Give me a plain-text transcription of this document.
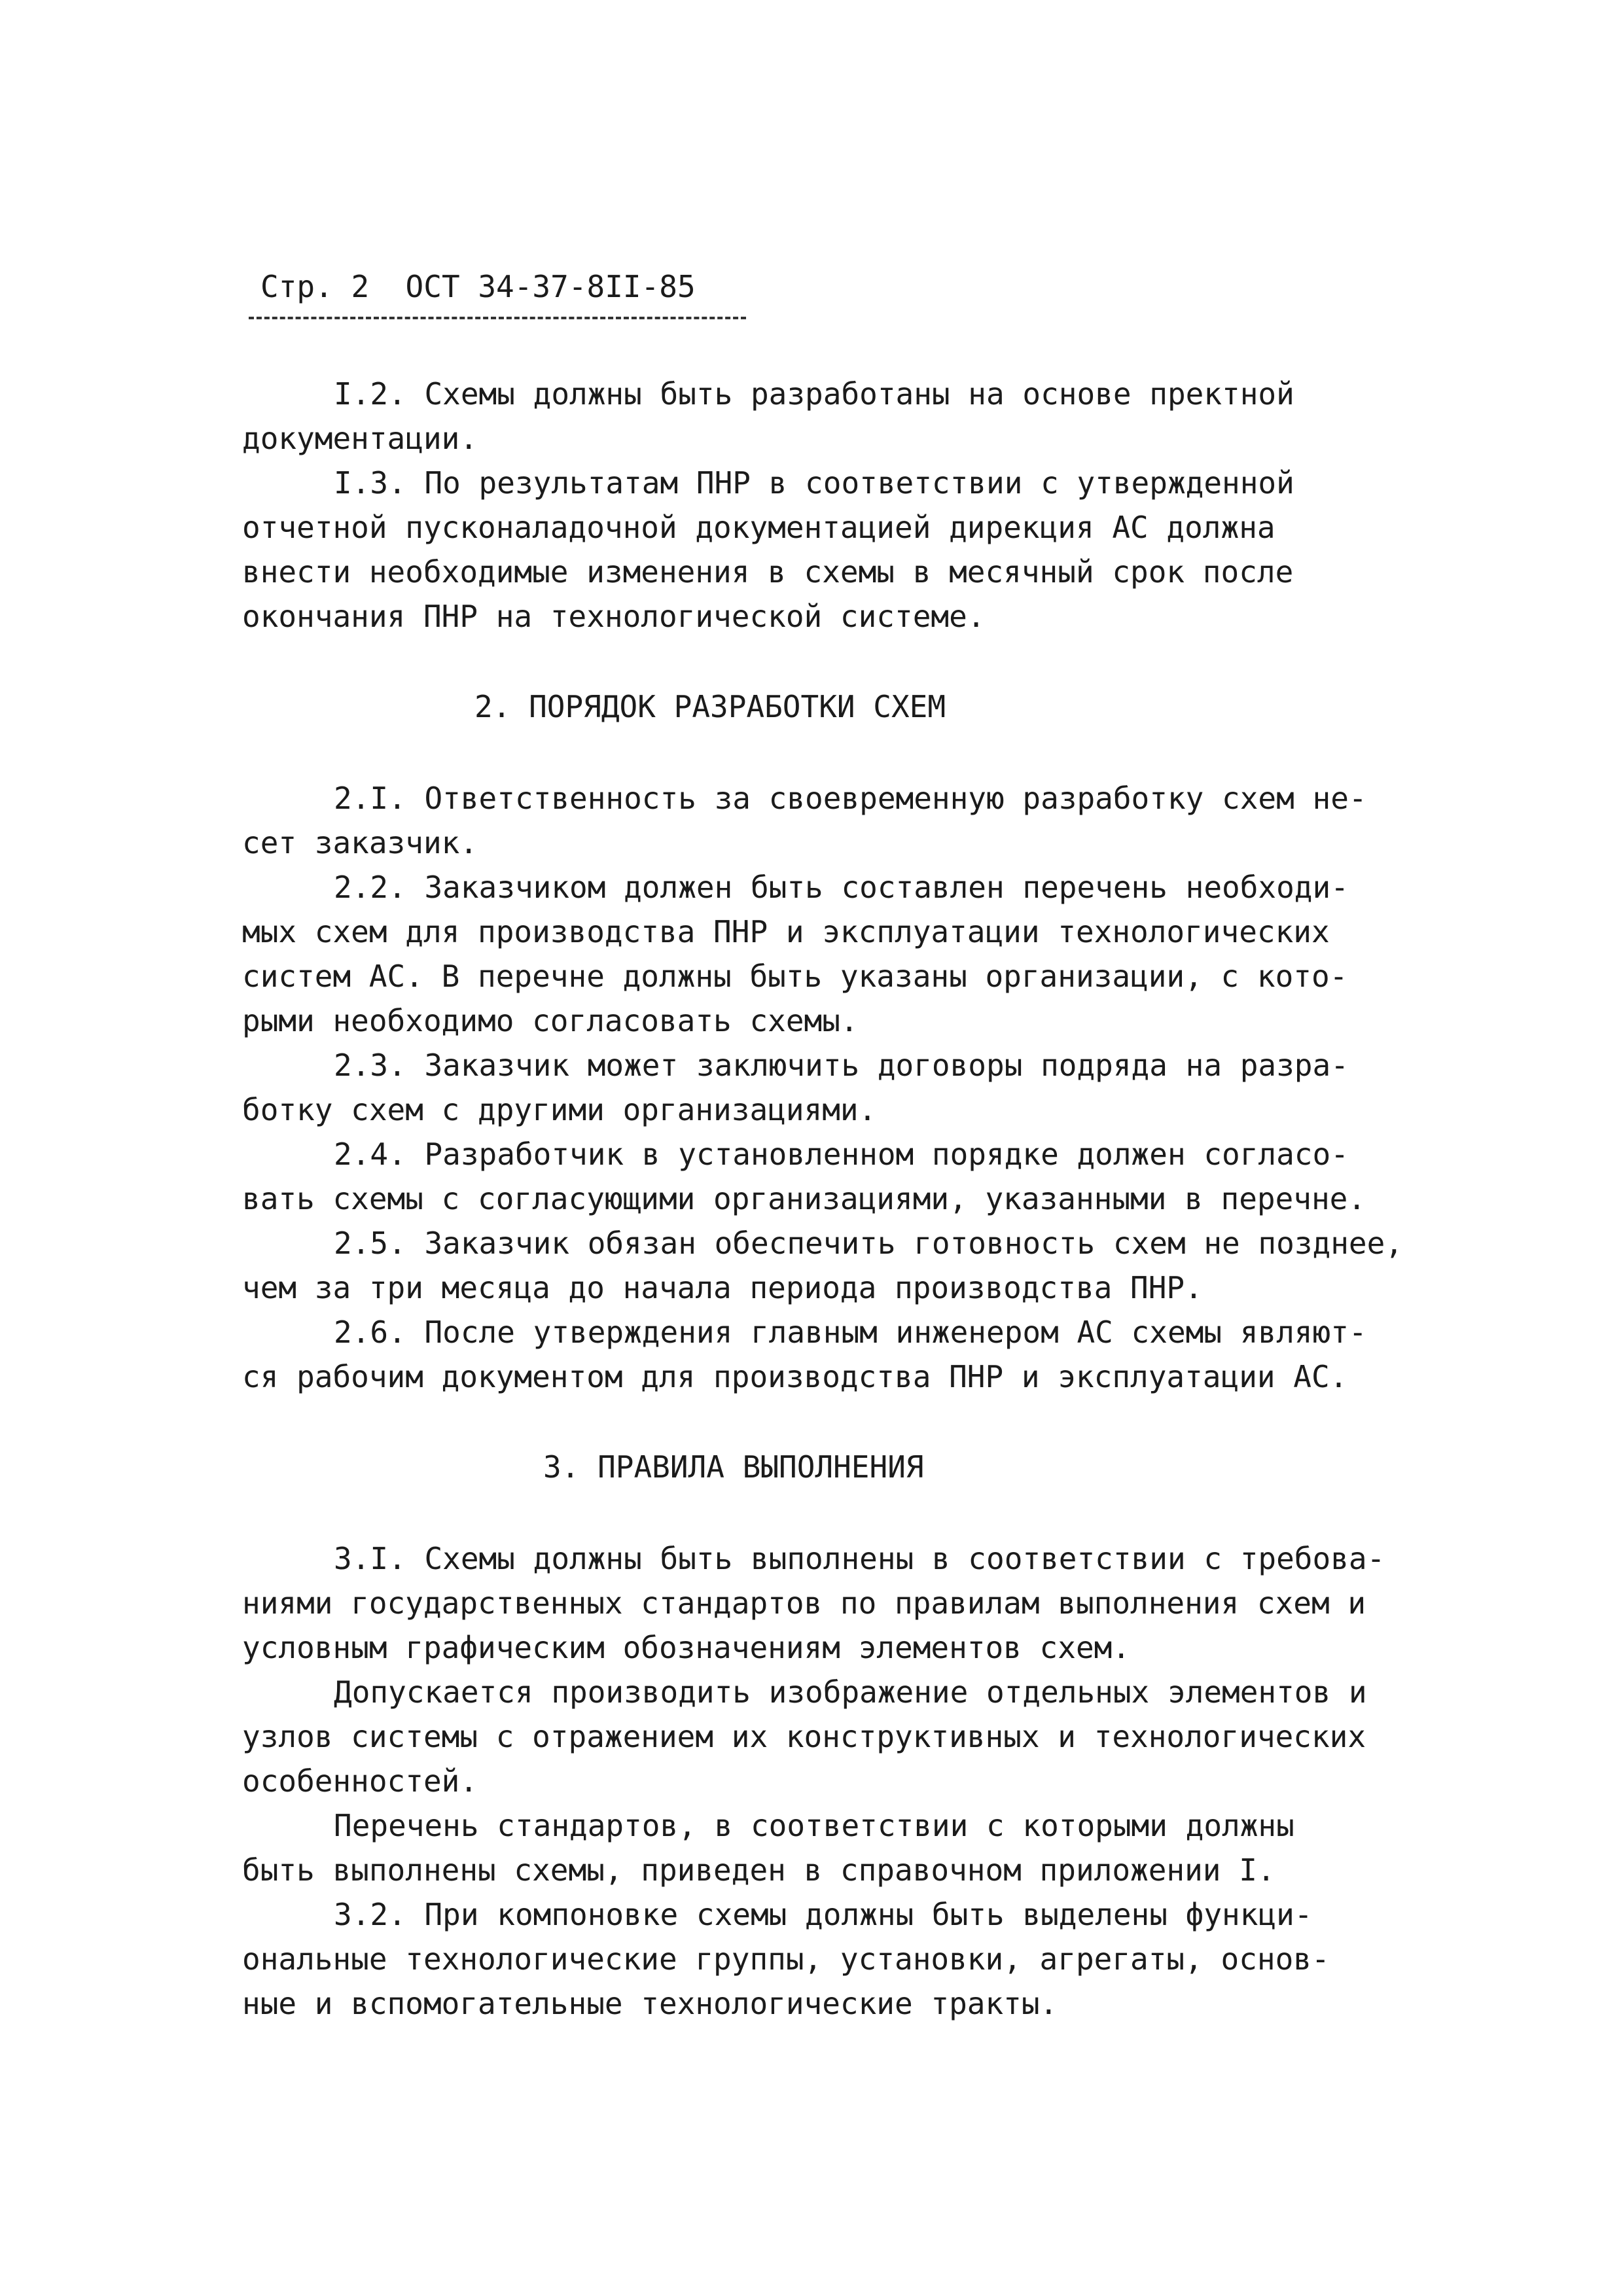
Стр. 2  ОСТ 34-37-8II-85
I.2. Схемы должны быть разработаны на основе пректной
документации.
I.3. По результатам ПНР в соответствии с утвержденной
отчетной пусконаладочной документацией дирекция АС должна
внести необходимые изменения в схемы в месячный срок после
окончания ПНР на технологической системе.
2. ПОРЯДОК РАЗРАБОТКИ СХЕМ
2.I. Ответственность за своевременную разработку схем не-
сет заказчик.
2.2. Заказчиком должен быть составлен перечень необходи-
мых схем для производства ПНР и эксплуатации технологических
систем АС. В перечне должны быть указаны организации, с кото-
рыми необходимо согласовать схемы.
2.3. Заказчик может заключить договоры подряда на разра-
ботку схем с другими организациями.
2.4. Разработчик в установленном порядке должен согласо-
вать схемы с согласующими организациями, указанными в перечне.
2.5. Заказчик обязан обеспечить готовность схем не позднее,
чем за три месяца до начала периода производства ПНР.
2.6. После утверждения главным инженером АС схемы являют-
ся рабочим документом для производства ПНР и эксплуатации АС.
3. ПРАВИЛА ВЫПОЛНЕНИЯ
3.I. Схемы должны быть выполнены в соответствии с требова-
ниями государственных стандартов по правилам выполнения схем и
условным графическим обозначениям элементов схем.
Допускается производить изображение отдельных элементов и
узлов системы с отражением их конструктивных и технологических
особенностей.
Перечень стандартов, в соответствии с которыми должны
быть выполнены схемы, приведен в справочном приложении I.
3.2. При компоновке схемы должны быть выделены функци-
ональные технологические группы, установки, агрегаты, основ-
ные и вспомогательные технологические тракты.
